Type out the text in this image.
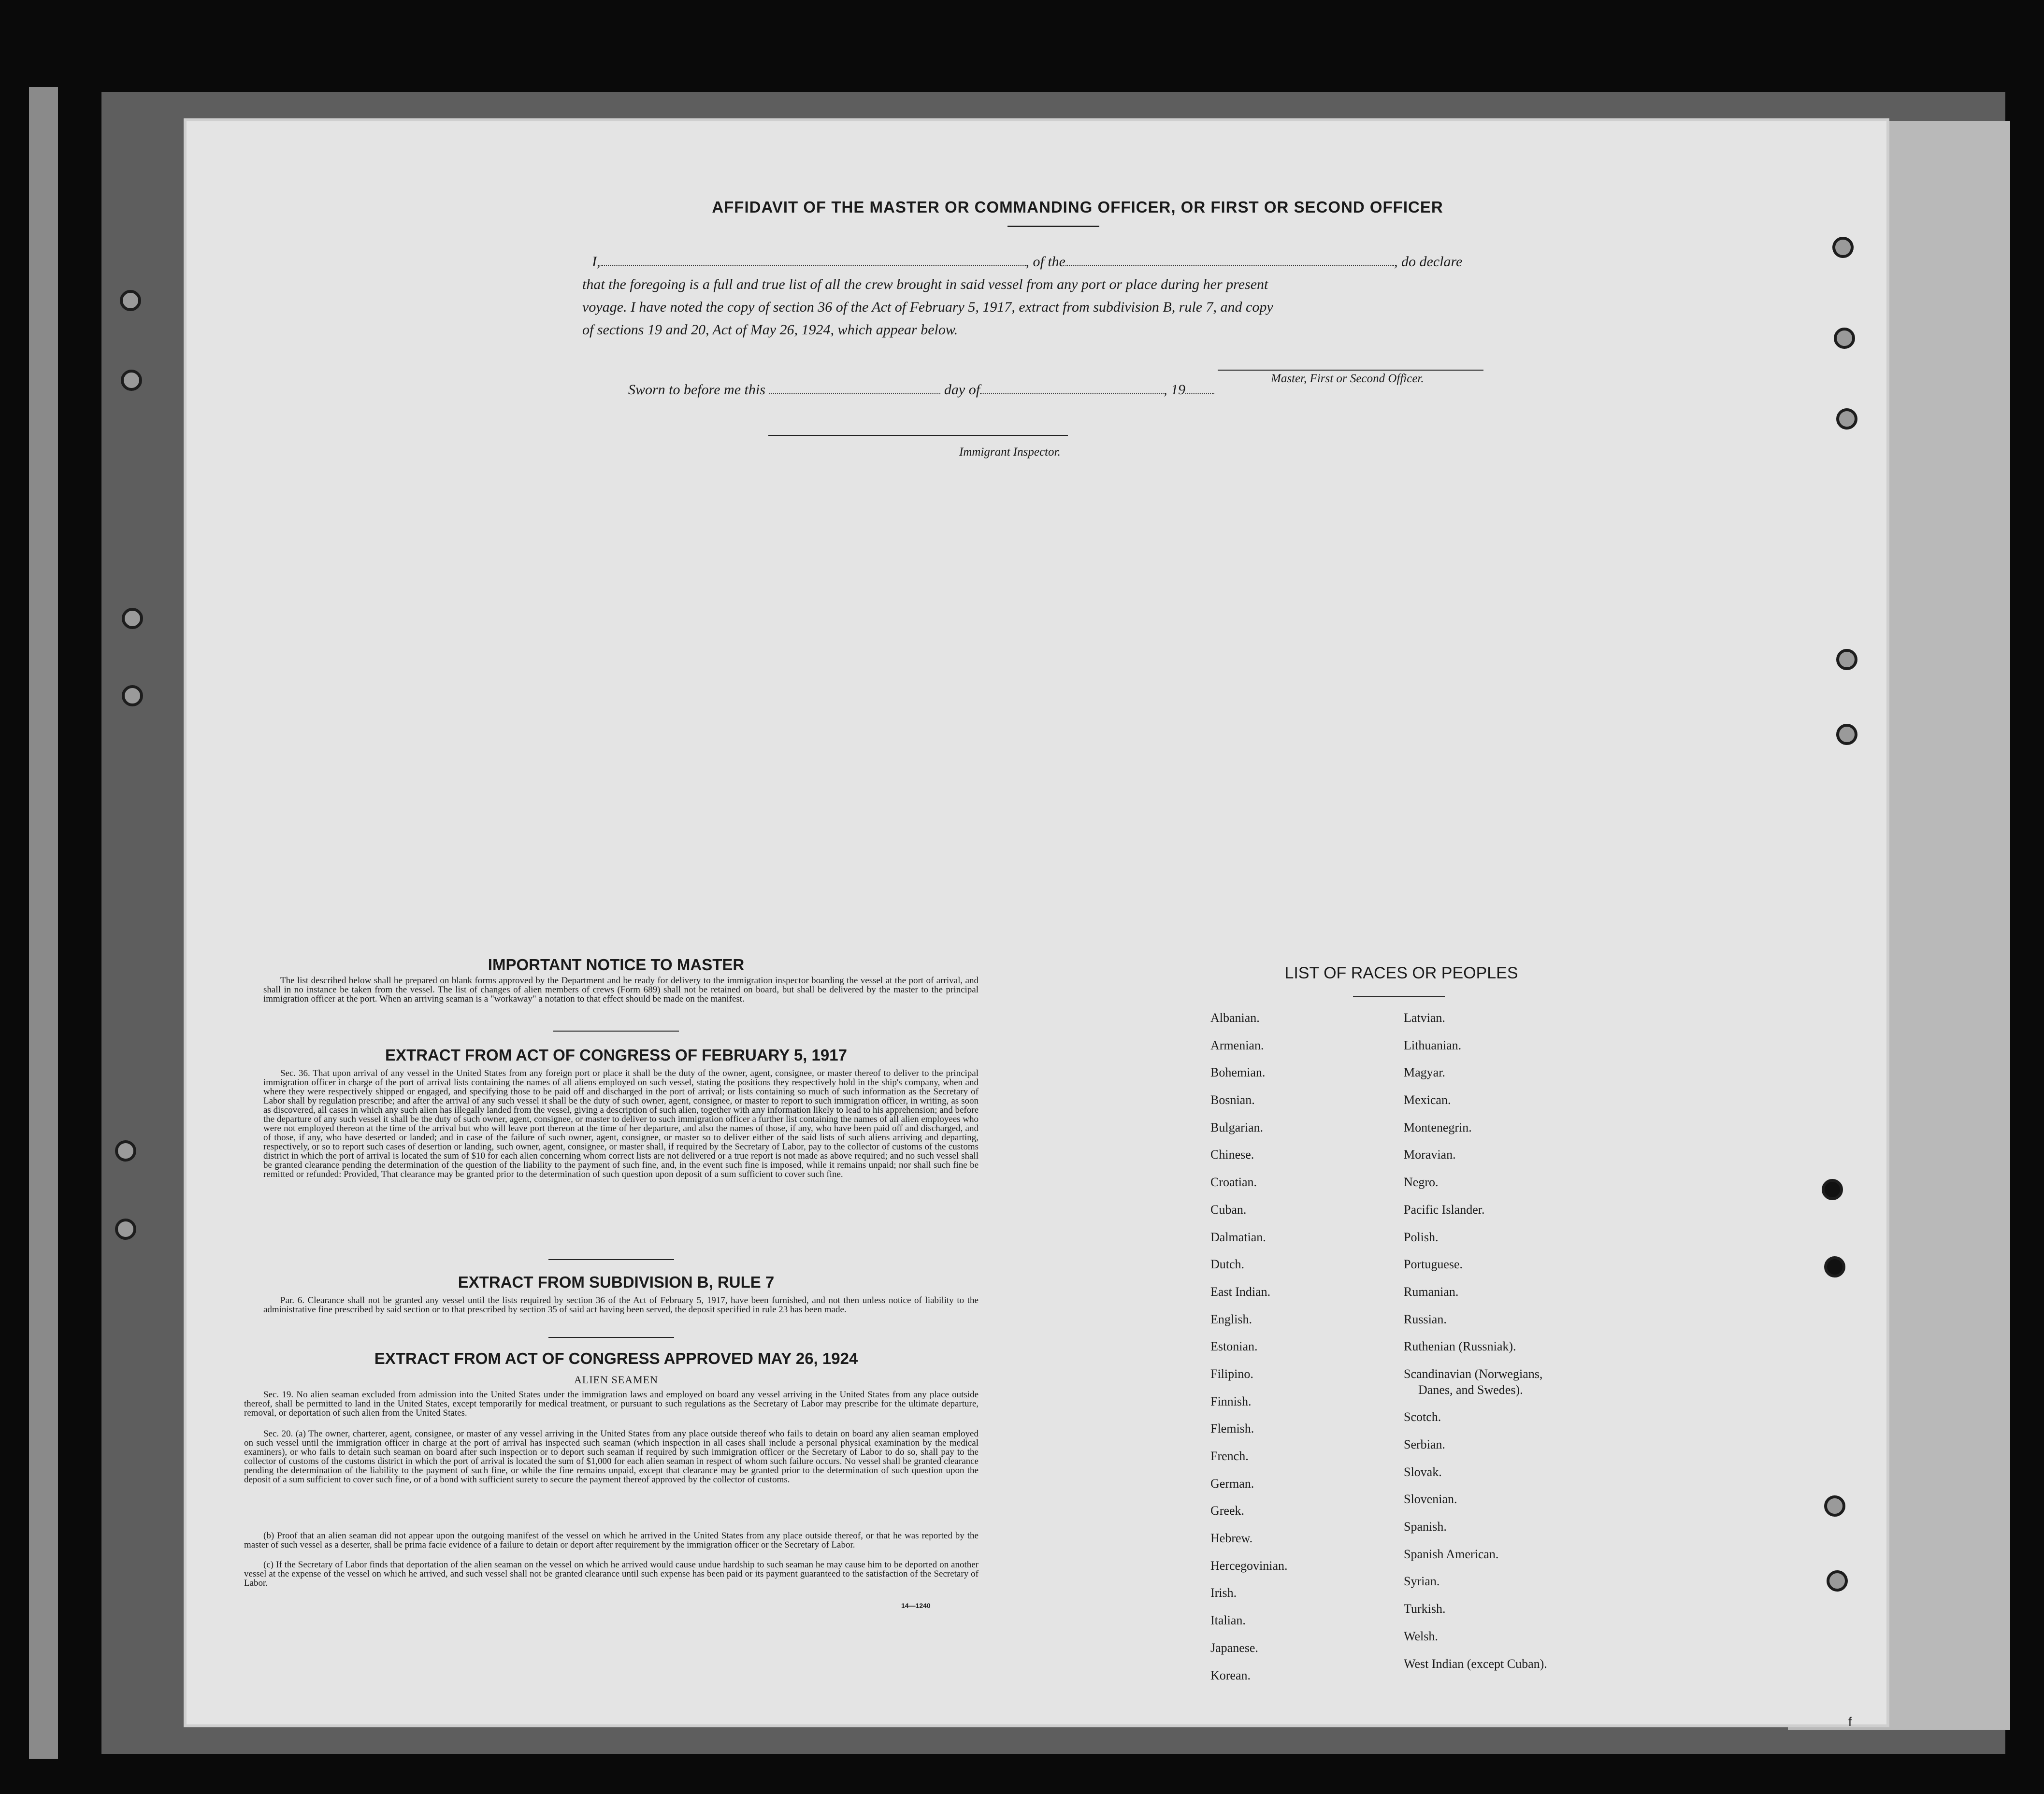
AFFIDAVIT OF THE MASTER OR COMMANDING OFFICER, OR FIRST OR SECOND OFFICER
I,	, of the	, do declare
that the foregoing is a full and true list of all the crew brought in said vessel from any port or place during her present
voyage. I have noted the copy of section 36 of the Act of February 5, 1917, extract from subdivision B, rule 7, and copy
of sections 19 and 20, Act of May 26, 1924, which appear below.
Master, First or Second Officer.
Sworn to before me this	day of	, 19
Immigrant Inspector.
IMPORTANT NOTICE TO MASTER
The list described below shall be prepared on blank forms approved by the Department and be ready for delivery to the immigration inspector boarding the vessel at the port of arrival, and shall in no instance be taken from the vessel. The list of changes of alien members of crews (Form 689) shall not be retained on board, but shall be delivered by the master to the principal immigration officer at the port. When an arriving seaman is a "workaway" a notation to that effect should be made on the manifest.
EXTRACT FROM ACT OF CONGRESS OF FEBRUARY 5, 1917
Sec. 36. That upon arrival of any vessel in the United States from any foreign port or place it shall be the duty of the owner, agent, consignee, or master thereof to deliver to the principal immigration officer in charge of the port of arrival lists containing the names of all aliens employed on such vessel, stating the positions they respectively hold in the ship's company, when and where they were respectively shipped or engaged, and specifying those to be paid off and discharged in the port of arrival; or lists containing so much of such information as the Secretary of Labor shall by regulation prescribe; and after the arrival of any such vessel it shall be the duty of such owner, agent, consignee, or master to report to such immigration officer, in writing, as soon as discovered, all cases in which any such alien has illegally landed from the vessel, giving a description of such alien, together with any information likely to lead to his apprehension; and before the departure of any such vessel it shall be the duty of such owner, agent, consignee, or master to deliver to such immigration officer a further list containing the names of all alien employees who were not employed thereon at the time of the arrival but who will leave port thereon at the time of her departure, and also the names of those, if any, who have been paid off and discharged, and of those, if any, who have deserted or landed; and in case of the failure of such owner, agent, consignee, or master so to deliver either of the said lists of such aliens arriving and departing, respectively, or so to report such cases of desertion or landing, such owner, agent, consignee, or master shall, if required by the Secretary of Labor, pay to the collector of customs of the customs district in which the port of arrival is located the sum of $10 for each alien concerning whom correct lists are not delivered or a true report is not made as above required; and no such vessel shall be granted clearance pending the determination of the question of the liability to the payment of such fine, and, in the event such fine is imposed, while it remains unpaid; nor shall such fine be remitted or refunded: Provided, That clearance may be granted prior to the determination of such question upon deposit of a sum sufficient to cover such fine.
EXTRACT FROM SUBDIVISION B, RULE 7
Par. 6. Clearance shall not be granted any vessel until the lists required by section 36 of the Act of February 5, 1917, have been furnished, and not then unless notice of liability to the administrative fine prescribed by said section or to that prescribed by section 35 of said act having been served, the deposit specified in rule 23 has been made.
EXTRACT FROM ACT OF CONGRESS APPROVED MAY 26, 1924
ALIEN SEAMEN
Sec. 19. No alien seaman excluded from admission into the United States under the immigration laws and employed on board any vessel arriving in the United States from any place outside thereof, shall be permitted to land in the United States, except temporarily for medical treatment, or pursuant to such regulations as the Secretary of Labor may prescribe for the ultimate departure, removal, or deportation of such alien from the United States.
Sec. 20. (a) The owner, charterer, agent, consignee, or master of any vessel arriving in the United States from any place outside thereof who fails to detain on board any alien seaman employed on such vessel until the immigration officer in charge at the port of arrival has inspected such seaman (which inspection in all cases shall include a personal physical examination by the medical examiners), or who fails to detain such seaman on board after such inspection or to deport such seaman if required by such immigration officer or the Secretary of Labor to do so, shall pay to the collector of customs of the customs district in which the port of arrival is located the sum of $1,000 for each alien seaman in respect of whom such failure occurs. No vessel shall be granted clearance pending the determination of the liability to the payment of such fine, or while the fine remains unpaid, except that clearance may be granted prior to the determination of such question upon the deposit of a sum sufficient to cover such fine, or of a bond with sufficient surety to secure the payment thereof approved by the collector of customs.
(b) Proof that an alien seaman did not appear upon the outgoing manifest of the vessel on which he arrived in the United States from any place outside thereof, or that he was reported by the master of such vessel as a deserter, shall be prima facie evidence of a failure to detain or deport after requirement by the immigration officer or the Secretary of Labor.
(c) If the Secretary of Labor finds that deportation of the alien seaman on the vessel on which he arrived would cause undue hardship to such seaman he may cause him to be deported on another vessel at the expense of the vessel on which he arrived, and such vessel shall not be granted clearance until such expense has been paid or its payment guaranteed to the satisfaction of the Secretary of Labor.
14—1240
LIST OF RACES OR PEOPLES
Albanian.
Armenian.
Bohemian.
Bosnian.
Bulgarian.
Chinese.
Croatian.
Cuban.
Dalmatian.
Dutch.
East Indian.
English.
Estonian.
Filipino.
Finnish.
Flemish.
French.
German.
Greek.
Hebrew.
Hercegovinian.
Irish.
Italian.
Japanese.
Korean.
Latvian.
Lithuanian.
Magyar.
Mexican.
Montenegrin.
Moravian.
Negro.
Pacific Islander.
Polish.
Portuguese.
Rumanian.
Russian.
Ruthenian (Russniak).
Scandinavian (Norwegians,
Danes, and Swedes).
Scotch.
Serbian.
Slovak.
Slovenian.
Spanish.
Spanish American.
Syrian.
Turkish.
Welsh.
West Indian (except Cuban).
f
